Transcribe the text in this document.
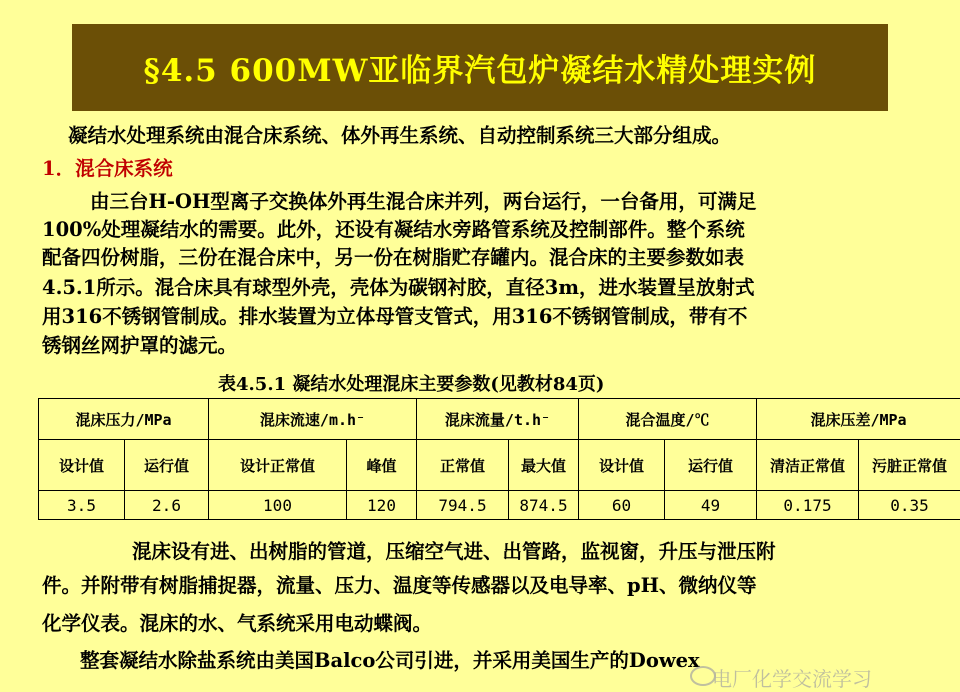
§4.5 600MW亚临界汽包炉凝结水精处理实例
凝结水处理系统由混合床系统、体外再生系统、自动控制系统三大部分组成。
1．混合床系统
由三台H-OH型离子交换体外再生混合床并列，两台运行，一台备用，可满足
100%处理凝结水的需要。此外，还设有凝结水旁路管系统及控制部件。整个系统
配备四份树脂，三份在混合床中，另一份在树脂贮存罐内。混合床的主要参数如表
4.5.1所示。混合床具有球型外壳，壳体为碳钢衬胶，直径3m，进水装置呈放射式
用316不锈钢管制成。排水装置为立体母管支管式，用316不锈钢管制成，带有不
锈钢丝网护罩的滤元。
表4.5.1 凝结水处理混床主要参数(见教材84页)
混床压力/MPa		混床流速/m.h⁻		混床流量/t.h⁻		混合温度/℃		混床压差/MPa	
设计值	运行值	设计正常值	峰值	正常值	最大值	设计值	运行值	清洁正常值	污脏正常值
3.5	2.6	100	120	794.5	874.5	60	49	0.175	0.35
混床设有进、出树脂的管道，压缩空气进、出管路，监视窗，升压与泄压附
件。并附带有树脂捕捉器，流量、压力、温度等传感器以及电导率、pH、微纳仪等
化学仪表。混床的水、气系统采用电动蝶阀。
整套凝结水除盐系统由美国Balco公司引进，并采用美国生产的Dowex
电厂化学交流学习
